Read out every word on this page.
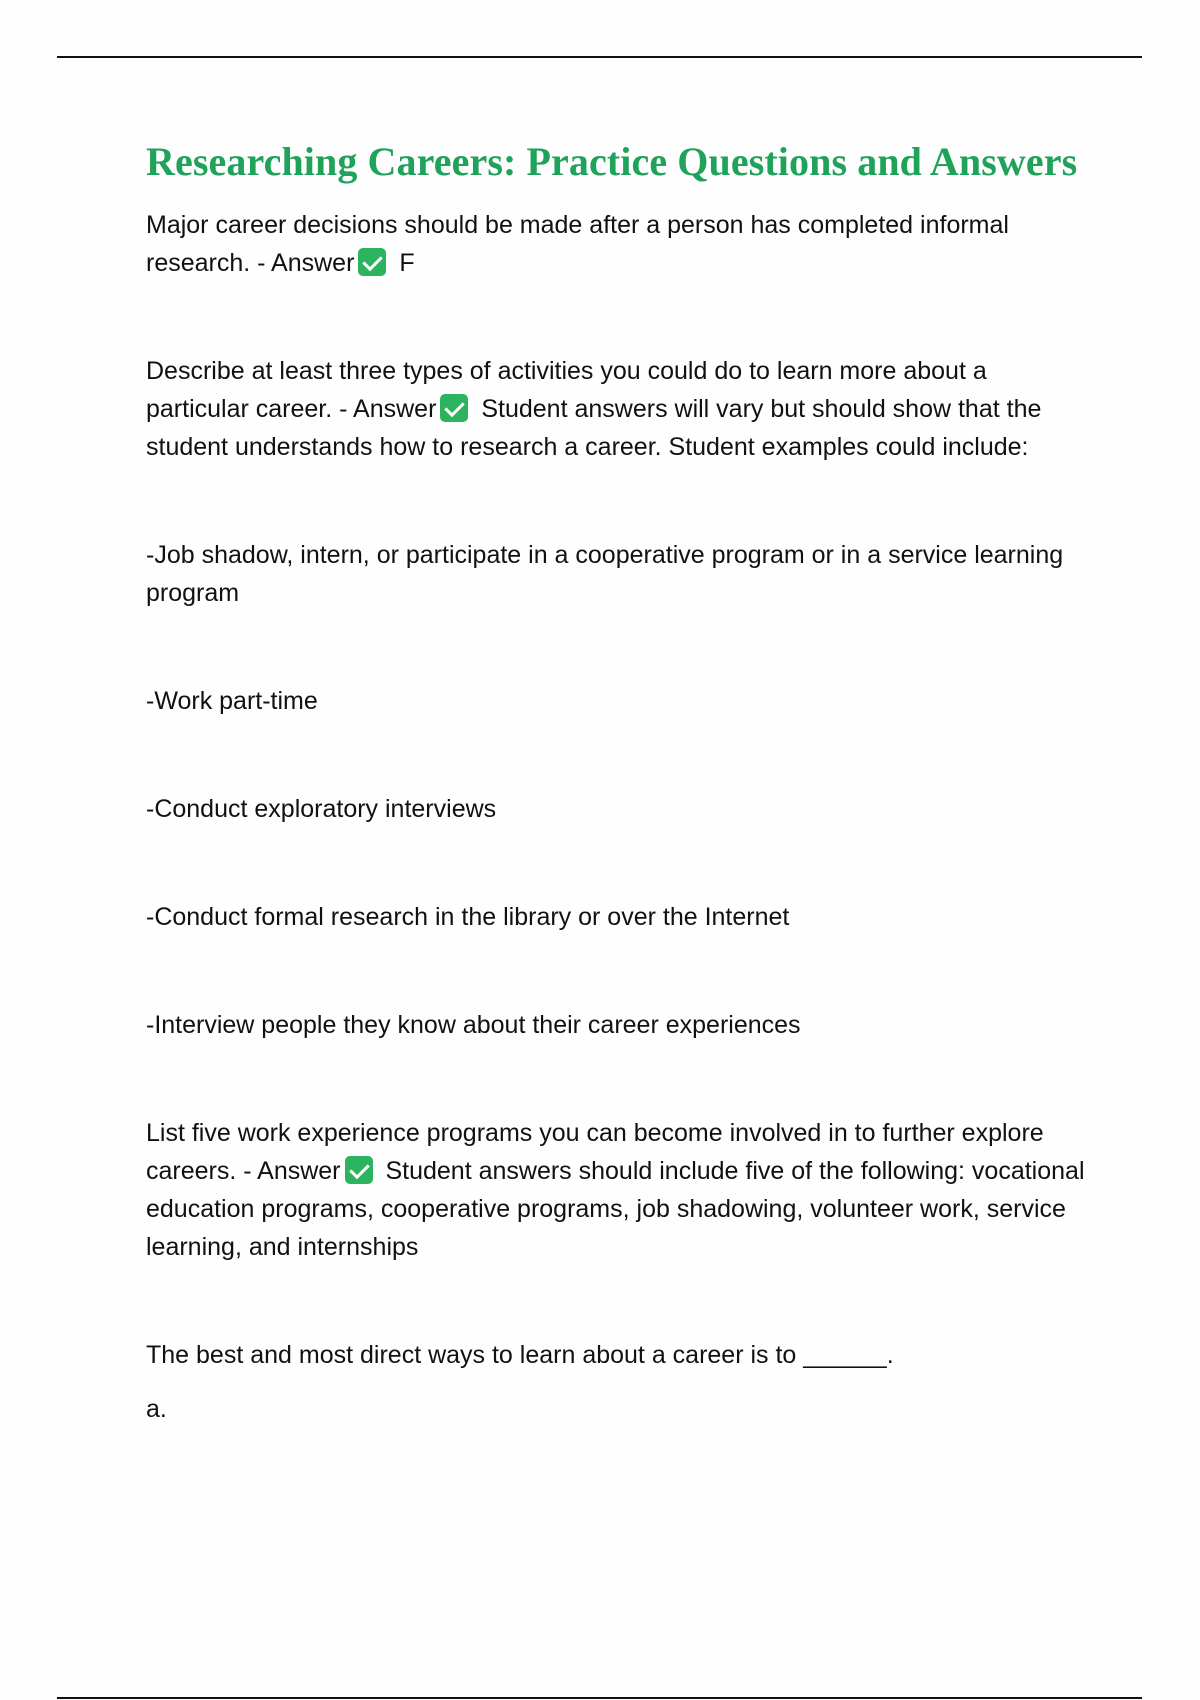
Researching Careers: Practice Questions and Answers

Major career decisions should be made after a person has completed informal research. - Answer F

Describe at least three types of activities you could do to learn more about a particular career. - Answer Student answers will vary but should show that the student understands how to research a career. Student examples could include:

-Job shadow, intern, or participate in a cooperative program or in a service learning program

-Work part-time

-Conduct exploratory interviews

-Conduct formal research in the library or over the Internet

-Interview people they know about their career experiences

List five work experience programs you can become involved in to further explore careers. - Answer Student answers should include five of the following: vocational education programs, cooperative programs, job shadowing, volunteer work, service learning, and internships

The best and most direct ways to learn about a career is to ______.

a.
